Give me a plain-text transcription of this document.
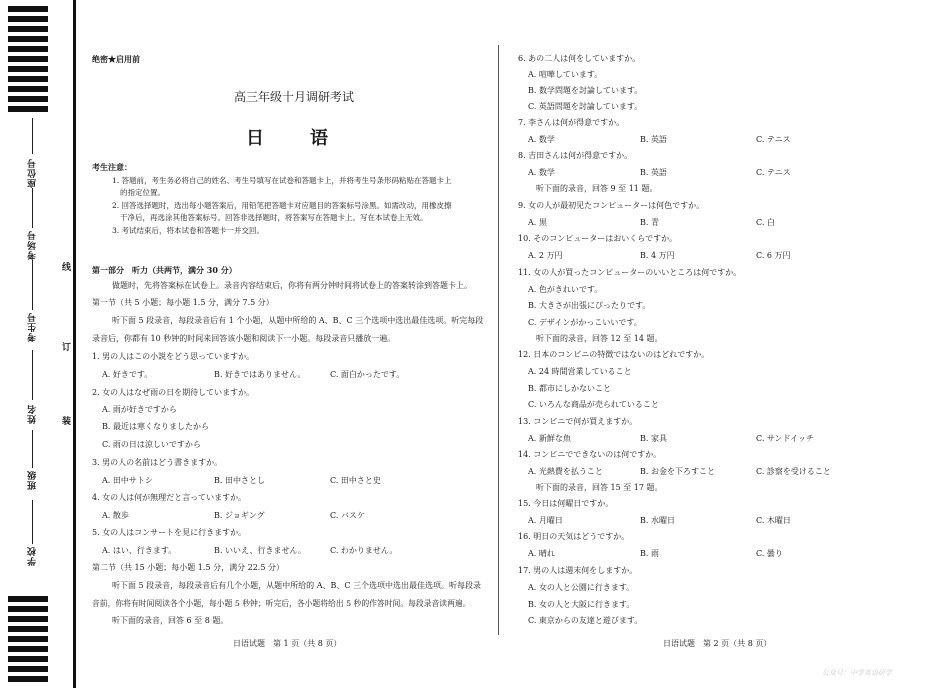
座位号
考场号
考生号
姓名
班级
学校
线
订
装
绝密★启用前
高三年级十月调研考试
日　语
考生注意：
1. 答题前，考生务必将自己的姓名、考生号填写在试卷和答题卡上，并将考生号条形码粘贴在答题卡上
的指定位置。
2. 回答选择题时，选出每小题答案后，用铅笔把答题卡对应题目的答案标号涂黑。如需改动，用橡皮擦
干净后，再选涂其他答案标号。回答非选择题时，将答案写在答题卡上。写在本试卷上无效。
3. 考试结束后，将本试卷和答题卡一并交回。
第一部分　听力（共两节，满分 30 分）
做题时，先将答案标在试卷上。录音内容结束后，你将有两分钟时间将试卷上的答案转涂到答题卡上。
第一节（共 5 小题；每小题 1.5 分，满分 7.5 分）
听下面 5 段录音，每段录音后有 1 个小题，从题中所给的 A、B、C 三个选项中选出最佳选项。听完每段
录音后，你都有 10 秒钟的时间来回答该小题和阅读下一小题。每段录音只播放一遍。
1. 男の人はこの小説をどう思っていますか。
A. 好きです。	B. 好きではありません。	C. 面白かったです。
2. 女の人はなぜ雨の日を期待していますか。
A. 雨が好きですから
B. 最近は寒くなりましたから
C. 雨の日は涼しいですから
3. 男の人の名前はどう書きますか。
A. 田中サトシ	B. 田中さとし	C. 田中さと史
4. 女の人は何が無理だと言っていますか。
A. 散歩	B. ジョギング	C. バスケ
5. 女の人はコンサートを見に行きますか。
A. はい、行きます。	B. いいえ、行きません。	C. わかりません。
第二节（共 15 小题；每小题 1.5 分，满分 22.5 分）
听下面 5 段录音，每段录音后有几个小题，从题中所给的 A、B、C 三个选项中选出最佳选项。听每段录
音前，你将有时间阅读各个小题，每小题 5 秒钟；听完后，各小题将给出 5 秒的作答时间。每段录音读两遍。
听下面的录音，回答 6 至 8 题。
日语试题　第 1 页（共 8 页）
6. あの二人は何をしていますか。
A. 喧嘩しています。
B. 数学問題を討論しています。
C. 英語問題を討論しています。
7. 李さんは何が得意ですか。
A. 数学	B. 英語	C. テニス
8. 吉田さんは何が得意ですか。
A. 数学	B. 英語	C. テニス
听下面的录音，回答 9 至 11 题。
9. 女の人が最初见たコンピューターは何色ですか。
A. 黒	B. 青	C. 白
10. そのコンピューターはおいくらですか。
A. 2 万円	B. 4 万円	C. 6 万円
11. 女の人が買ったコンピューターのいいところは何ですか。
A. 色がきれいです。
B. 大きさが出張にぴったりです。
C. デザインがかっこいいです。
听下面的录音，回答 12 至 14 题。
12. 日本のコンビニの特徴ではないのはどれですか。
A. 24 時間営業していること
B. 都市にしかないこと
C. いろんな商品が売られていること
13. コンビニで何が買えますか。
A. 新鮮な魚	B. 家具	C. サンドイッチ
14. コンビニでできないのは何ですか。
A. 光熱費を払うこと	B. お金を下ろすこと	C. 診察を受けること
听下面的录音，回答 15 至 17 题。
15. 今日は何曜日ですか。
A. 月曜日	B. 水曜日	C. 木曜日
16. 明日の天気はどうですか。
A. 晴れ	B. 雨	C. 曇り
17. 男の人は週末何をしますか。
A. 女の人と公園に行きます。
B. 女の人と大阪に行きます。
C. 東京からの友達と遊びます。
日语试题　第 2 页（共 8 页）
公众号：中学英语研学
